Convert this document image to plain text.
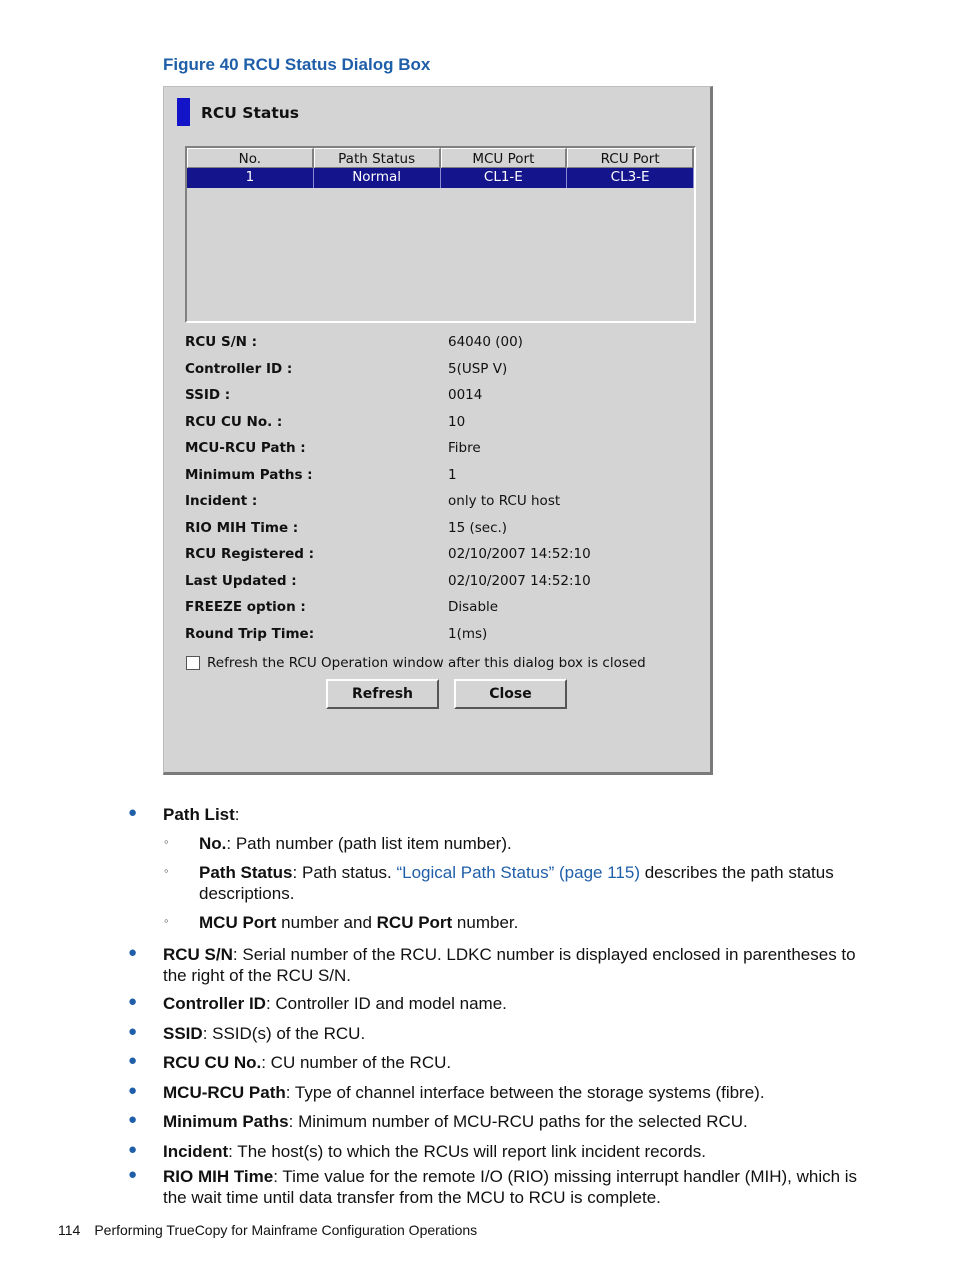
Figure 40 RCU Status Dialog Box
RCU Status
No.	Path Status	MCU Port	RCU Port
1	Normal	CL1-E	CL3-E
RCU S/N :	64040 (00)
Controller ID :	5(USP V)
SSID :	0014
RCU CU No. :	10
MCU-RCU Path :	Fibre
Minimum Paths :	1
Incident :	only to RCU host
RIO MIH Time :	15 (sec.)
RCU Registered :	02/10/2007 14:52:10
Last Updated :	02/10/2007 14:52:10
FREEZE option :	Disable
Round Trip Time:	1(ms)
Refresh the RCU Operation window after this dialog box is closed
Refresh	Close
● Path List:
◦ No.: Path number (path list item number).
◦ Path Status: Path status. “Logical Path Status” (page 115) describes the path status
descriptions.
◦ MCU Port number and RCU Port number.
● RCU S/N: Serial number of the RCU. LDKC number is displayed enclosed in parentheses to
the right of the RCU S/N.
● Controller ID: Controller ID and model name.
● SSID: SSID(s) of the RCU.
● RCU CU No.: CU number of the RCU.
● MCU-RCU Path: Type of channel interface between the storage systems (fibre).
● Minimum Paths: Minimum number of MCU-RCU paths for the selected RCU.
● Incident: The host(s) to which the RCUs will report link incident records.
● RIO MIH Time: Time value for the remote I/O (RIO) missing interrupt handler (MIH), which is
the wait time until data transfer from the MCU to RCU is complete.
114 Performing TrueCopy for Mainframe Configuration Operations
